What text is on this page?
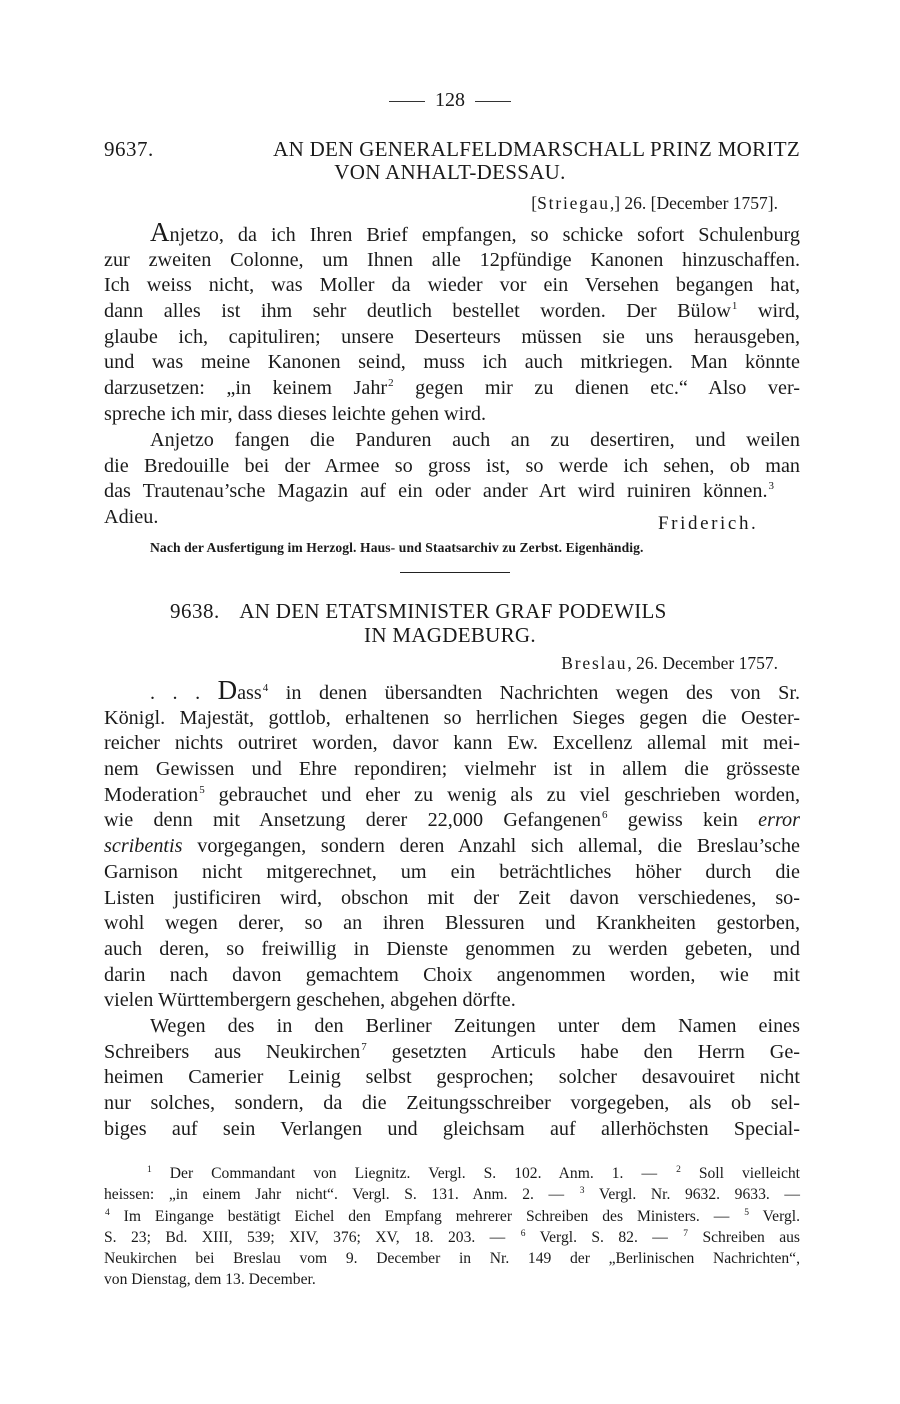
128
9637.	AN DEN GENERALFELDMARSCHALL PRINZ MORITZ
VON ANHALT-DESSAU.
[Striegau,] 26. [December 1757].
Anjetzo, da ich Ihren Brief empfangen, so schicke sofort Schulenburg
zur zweiten Colonne, um Ihnen alle 12pfündige Kanonen hinzuschaffen.
Ich weiss nicht, was Moller da wieder vor ein Versehen begangen hat,
dann alles ist ihm sehr deutlich bestellet worden. Der Bülow$^1$ wird,
glaube ich, capituliren; unsere Deserteurs müssen sie uns herausgeben,
und was meine Kanonen seind, muss ich auch mitkriegen. Man könnte
darzusetzen: „in keinem Jahr$^2$ gegen mir zu dienen etc.“ Also ver-
spreche ich mir, dass dieses leichte gehen wird.
Anjetzo fangen die Panduren auch an zu desertiren, und weilen
die Bredouille bei der Armee so gross ist, so werde ich sehen, ob man
das Trautenau’sche Magazin auf ein oder ander Art wird ruiniren können.$^3$
Adieu.	Friderich.
Nach der Ausfertigung im Herzogl. Haus- und Staatsarchiv zu Zerbst. Eigenhändig.
9638. AN DEN ETATSMINISTER GRAF PODEWILS
IN MAGDEBURG.
Breslau, 26. December 1757.
. . . Dass$^4$ in denen übersandten Nachrichten wegen des von Sr.
Königl. Majestät, gottlob, erhaltenen so herrlichen Sieges gegen die Oester-
reicher nichts outriret worden, davor kann Ew. Excellenz allemal mit mei-
nem Gewissen und Ehre repondiren; vielmehr ist in allem die grösseste
Moderation$^5$ gebrauchet und eher zu wenig als zu viel geschrieben worden,
wie denn mit Ansetzung derer 22,000 Gefangenen$^6$ gewiss kein error
scribentis vorgegangen, sondern deren Anzahl sich allemal, die Breslau’sche
Garnison nicht mitgerechnet, um ein beträchtliches höher durch die
Listen justificiren wird, obschon mit der Zeit davon verschiedenes, so-
wohl wegen derer, so an ihren Blessuren und Krankheiten gestorben,
auch deren, so freiwillig in Dienste genommen zu werden gebeten, und
darin nach davon gemachtem Choix angenommen worden, wie mit
vielen Württembergern geschehen, abgehen dörfte.
Wegen des in den Berliner Zeitungen unter dem Namen eines
Schreibers aus Neukirchen$^7$ gesetzten Articuls habe den Herrn Ge-
heimen Camerier Leinig selbst gesprochen; solcher desavouiret nicht
nur solches, sondern, da die Zeitungsschreiber vorgegeben, als ob sel-
biges auf sein Verlangen und gleichsam auf allerhöchsten Special-
$^1$ Der Commandant von Liegnitz. Vergl. S. 102. Anm. 1. — $^2$ Soll vielleicht
heissen: „in einem Jahr nicht“. Vergl. S. 131. Anm. 2. — $^3$ Vergl. Nr. 9632. 9633. —
$^4$ Im Eingange bestätigt Eichel den Empfang mehrerer Schreiben des Ministers. — $^5$ Vergl.
S. 23; Bd. XIII, 539; XIV, 376; XV, 18. 203. — $^6$ Vergl. S. 82. — $^7$ Schreiben aus
Neukirchen bei Breslau vom 9. December in Nr. 149 der „Berlinischen Nachrichten“,
von Dienstag, dem 13. December.
